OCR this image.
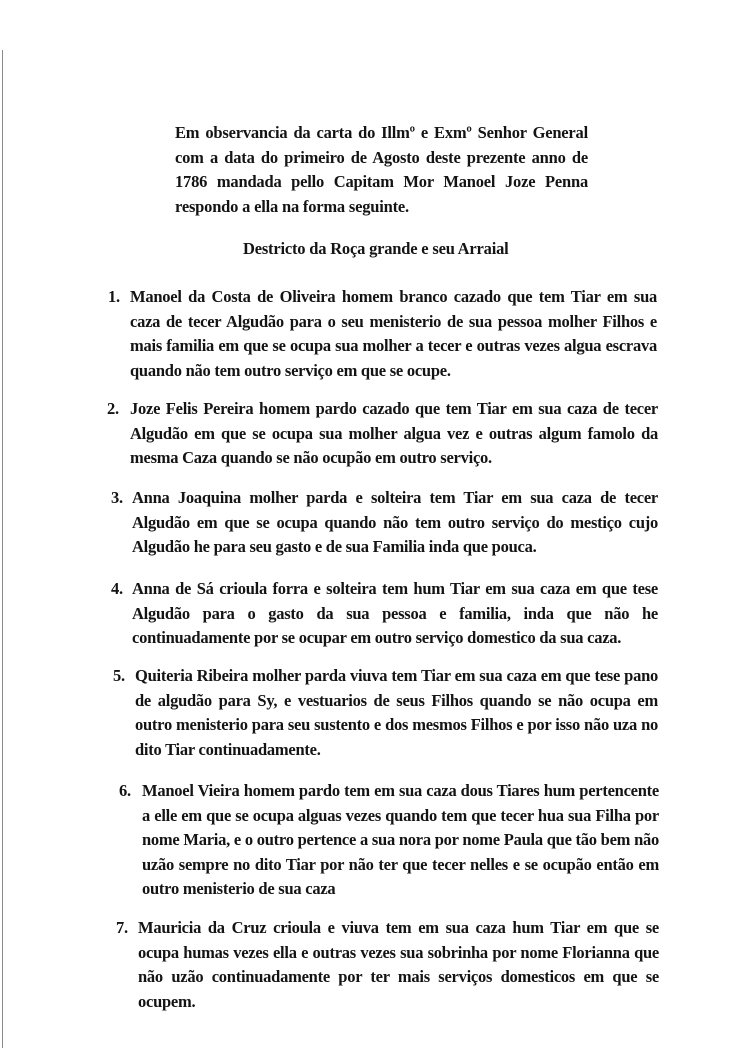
Em observancia da carta do Illmº e Exmº Senhor General com a data do primeiro de Agosto deste prezente anno de 1786 mandada pello Capitam Mor Manoel Joze Penna respondo a ella na forma seguinte.

Destricto da Roça grande e seu Arraial
1. Manoel da Costa de Oliveira homem branco cazado que tem Tiar em sua caza de tecer Algudão para o seu menisterio de sua pessoa molher Filhos e mais familia em que se ocupa sua molher a tecer e outras vezes algua escrava quando não tem outro serviço em que se ocupe.
2. Joze Felis Pereira homem pardo cazado que tem Tiar em sua caza de tecer Algudão em que se ocupa sua molher algua vez e outras algum famolo da mesma Caza quando se não ocupão em outro serviço.
3. Anna Joaquina molher parda e solteira tem Tiar em sua caza de tecer Algudão em que se ocupa quando não tem outro serviço do mestiço cujo Algudão he para seu gasto e de sua Familia inda que pouca.
4. Anna de Sá crioula forra e solteira tem hum Tiar em sua caza em que tese Algudão para o gasto da sua pessoa e familia, inda que não he continuadamente por se ocupar em outro serviço domestico da sua caza.
5. Quiteria Ribeira molher parda viuva tem Tiar em sua caza em que tese pano de algudão para Sy, e vestuarios de seus Filhos quando se não ocupa em outro menisterio para seu sustento e dos mesmos Filhos e por isso não uza no dito Tiar continuadamente.
6. Manoel Vieira homem pardo tem em sua caza dous Tiares hum pertencente a elle em que se ocupa alguas vezes quando tem que tecer hua sua Filha por nome Maria, e o outro pertence a sua nora por nome Paula que tão bem não uzão sempre no dito Tiar por não ter que tecer nelles e se ocupão então em outro menisterio de sua caza
7. Mauricia da Cruz crioula e viuva tem em sua caza hum Tiar em que se ocupa humas vezes ella e outras vezes sua sobrinha por nome Florianna que não uzão continuadamente por ter mais serviços domesticos em que se ocupem.
